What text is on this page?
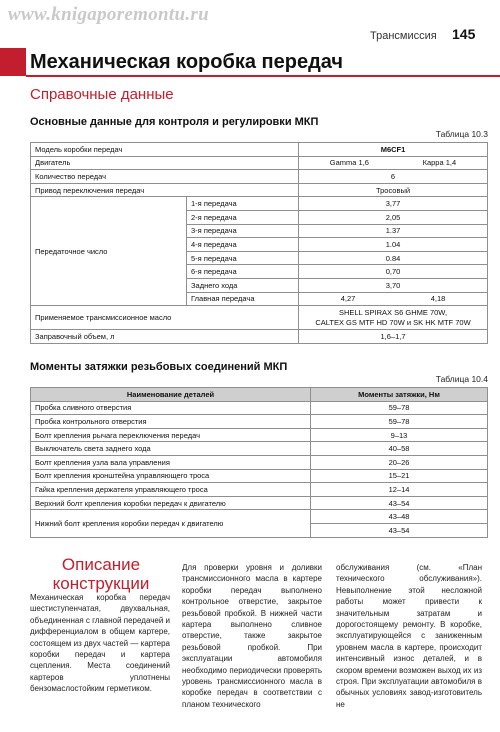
www.knigaporemontu.ru
Трансмиссия 145
Механическая коробка передач
Справочные данные
Основные данные для контроля и регулировки МКП
Таблица 10.3
Модель коробки передач		M6CF1
Двигатель		Gamma 1,6 Карра 1,4

Количество передач		6
Привод переключения передач		Тросовый
Передаточное число	1-я передача	3,77
	2-я передача	2,05
	3-я передача	1.37
	4-я передача	1.04
	5-я передача	0.84
	6-я передача	0,70
	Заднего хода	3,70
	Главная передача	4,27 4,18

Применяемое трансмиссионное масло		SHELL SPIRAX S6 GHME 70W,
CALTEX GS MTF HD 70W и SK HK MTF 70W
Заправочный объем, л		1,6–1,7
Моменты затяжки резьбовых соединений МКП
Таблица 10.4
Наименование деталей	Моменты затяжки, Нм
Пробка сливного отверстия	59–78
Пробка контрольного отверстия	59–78
Болт крепления рычага переключения передач	9–13
Выключатель света заднего хода	40–58
Болт крепления узла вала управления	20–26
Болт крепления кронштейна управляющего троса	15–21
Гайка крепления держателя управляющего троса	12–14
Верхний болт крепления коробки передач к двигателю	43–54
Нижний болт крепления коробки передач к двигателю	43–48
	43–54
Описание конструкции
Механическая коробка передач шестиступенчатая, двухвальная, объединенная с главной передачей и дифференциалом в общем картере, состоящем из двух частей — картера коробки передач и картера сцепления. Места соединений картеров уплотнены бензомаслостойким герметиком.
Для проверки уровня и доливки трансмиссионного масла в картере коробки передач выполнено контрольное отверстие, закрытое резьбовой пробкой. В нижней части картера выполнено сливное отверстие, также закрытое резьбовой пробкой. При эксплуатации автомобиля необходимо периодически проверять уровень трансмиссионного масла в коробке передач в соответствии с планом технического
обслуживания (см. «План технического обслуживания»). Невыполнение этой несложной работы может привести к значительным затратам и дорогостоящему ремонту. В коробке, эксплуатирующейся с заниженным уровнем масла в картере, происходит интенсивный износ деталей, и в скором времени возможен выход их из строя. При эксплуатации автомобиля в обычных условиях завод-изготовитель не
